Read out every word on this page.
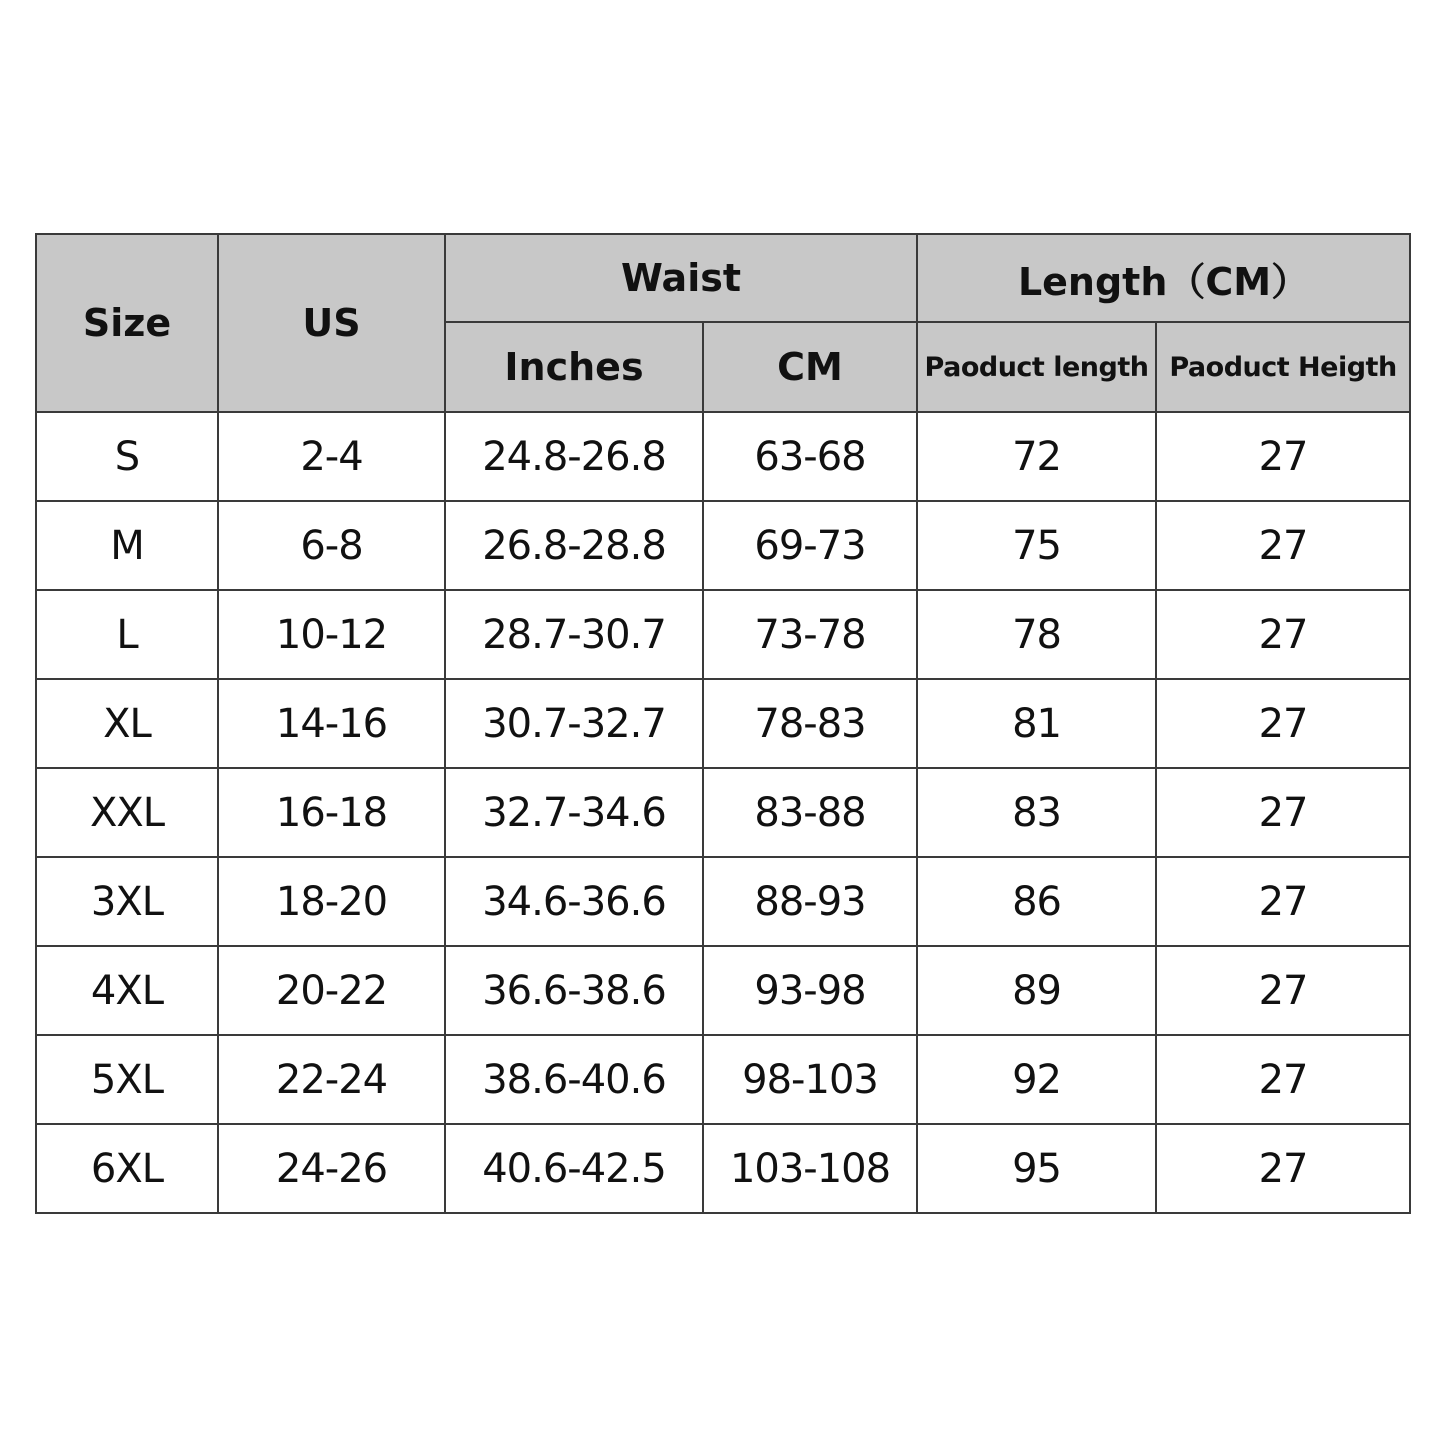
Size	US	Waist		Length（CM）	
		Inches	CM	Paoduct length	Paoduct Heigth
S	2-4	24.8-26.8	63-68	72	27
M	6-8	26.8-28.8	69-73	75	27
L	10-12	28.7-30.7	73-78	78	27
XL	14-16	30.7-32.7	78-83	81	27
XXL	16-18	32.7-34.6	83-88	83	27
3XL	18-20	34.6-36.6	88-93	86	27
4XL	20-22	36.6-38.6	93-98	89	27
5XL	22-24	38.6-40.6	98-103	92	27
6XL	24-26	40.6-42.5	103-108	95	27
